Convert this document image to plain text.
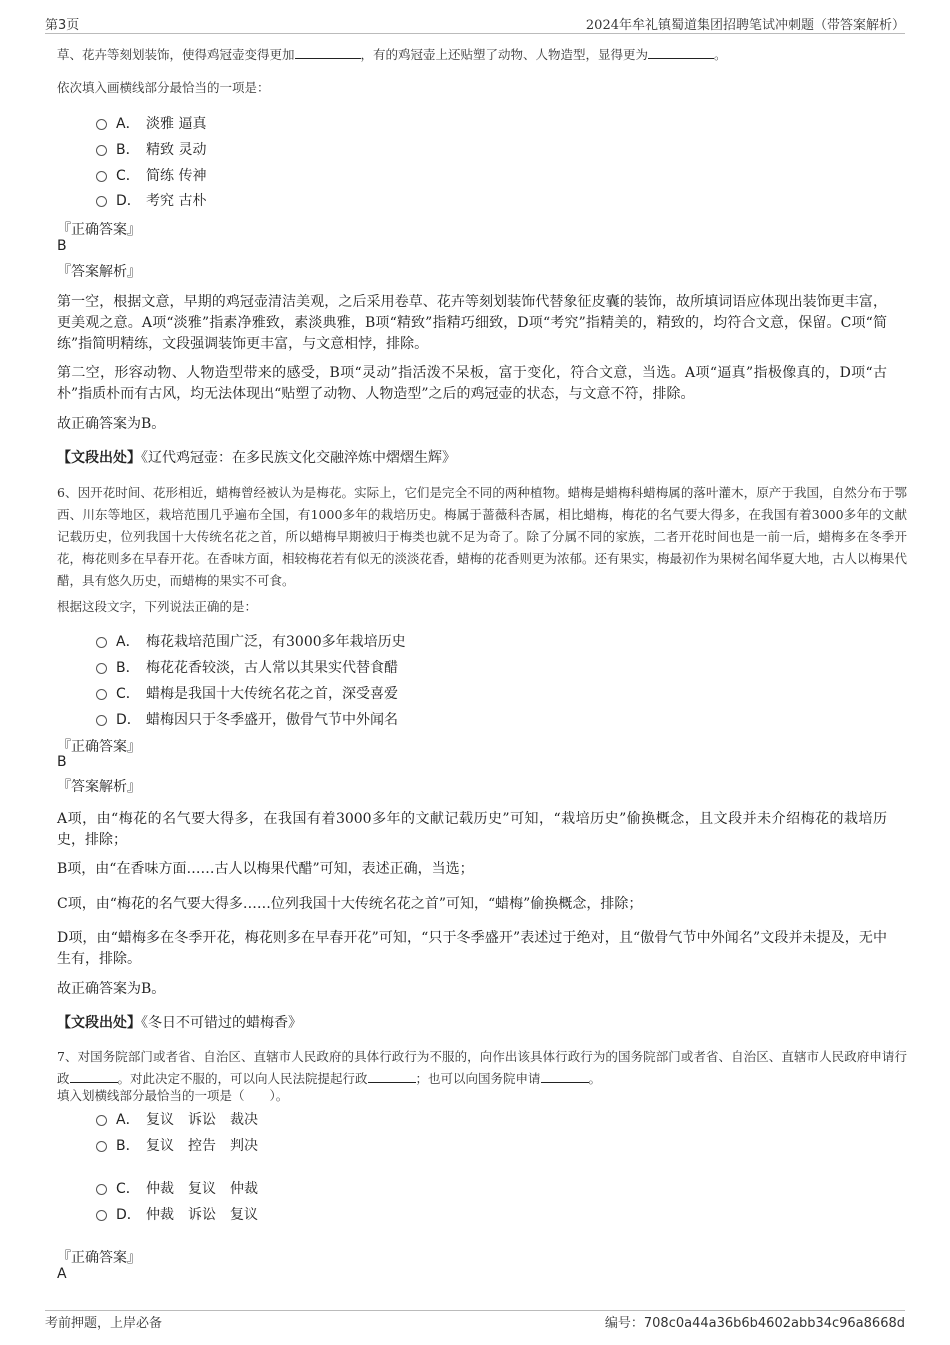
第3页	2024年牟礼镇蜀道集团招聘笔试冲刺题（带答案解析）
草、花卉等刻划装饰，使得鸡冠壶变得更加	，有的鸡冠壶上还贴塑了动物、人物造型，显得更为	。
依次填入画横线部分最恰当的一项是：
A． 淡雅 逼真
B． 精致 灵动
C． 简练 传神
D． 考究 古朴
『正确答案』
B
『答案解析』
第一空，根据文意，早期的鸡冠壶清洁美观，之后采用卷草、花卉等刻划装饰代替象征皮囊的装饰，故所填词语应体现出装饰更丰富，更美观之意。A项“淡雅”指素净雅致，素淡典雅，B项“精致”指精巧细致，D项“考究”指精美的，精致的，均符合文意，保留。C项“简练”指简明精练，文段强调装饰更丰富，与文意相悖，排除。
第二空，形容动物、人物造型带来的感受，B项“灵动”指活泼不呆板，富于变化，符合文意，当选。A项“逼真”指极像真的，D项“古朴”指质朴而有古风，均无法体现出“贴塑了动物、人物造型”之后的鸡冠壶的状态，与文意不符，排除。
故正确答案为B。
【文段出处】《辽代鸡冠壶：在多民族文化交融淬炼中熠熠生辉》
6、因开花时间、花形相近，蜡梅曾经被认为是梅花。实际上，它们是完全不同的两种植物。蜡梅是蜡梅科蜡梅属的落叶灌木，原产于我国，自然分布于鄂西、川东等地区，栽培范围几乎遍布全国，有1000多年的栽培历史。梅属于蔷薇科杏属，相比蜡梅，梅花的名气要大得多，在我国有着3000多年的文献记载历史，位列我国十大传统名花之首，所以蜡梅早期被归于梅类也就不足为奇了。除了分属不同的家族，二者开花时间也是一前一后，蜡梅多在冬季开花，梅花则多在早春开花。在香味方面，相较梅花若有似无的淡淡花香，蜡梅的花香则更为浓郁。还有果实，梅最初作为果树名闻华夏大地，古人以梅果代醋，具有悠久历史，而蜡梅的果实不可食。
根据这段文字，下列说法正确的是：
A． 梅花栽培范围广泛，有3000多年栽培历史
B． 梅花花香较淡，古人常以其果实代替食醋
C． 蜡梅是我国十大传统名花之首，深受喜爱
D． 蜡梅因只于冬季盛开，傲骨气节中外闻名
『正确答案』
B
『答案解析』
A项，由“梅花的名气要大得多，在我国有着3000多年的文献记载历史”可知，“栽培历史”偷换概念，且文段并未介绍梅花的栽培历史，排除；
B项，由“在香味方面……古人以梅果代醋”可知，表述正确，当选；
C项，由“梅花的名气要大得多……位列我国十大传统名花之首”可知，“蜡梅”偷换概念，排除；
D项，由“蜡梅多在冬季开花，梅花则多在早春开花”可知，“只于冬季盛开”表述过于绝对，且“傲骨气节中外闻名”文段并未提及，无中生有，排除。
故正确答案为B。
【文段出处】《冬日不可错过的蜡梅香》
7、对国务院部门或者省、自治区、直辖市人民政府的具体行政行为不服的，向作出该具体行政行为的国务院部门或者省、自治区、直辖市人民政府申请行政	。对此决定不服的，可以向人民法院提起行政	；也可以向国务院申请	。
填入划横线部分最恰当的一项是（　　）。
A． 复议　诉讼　裁决
B． 复议　控告　判决
C． 仲裁　复议　仲裁
D． 仲裁　诉讼　复议
『正确答案』
A
考前押题，上岸必备	编号：708c0a44a36b6b4602abb34c96a8668d
